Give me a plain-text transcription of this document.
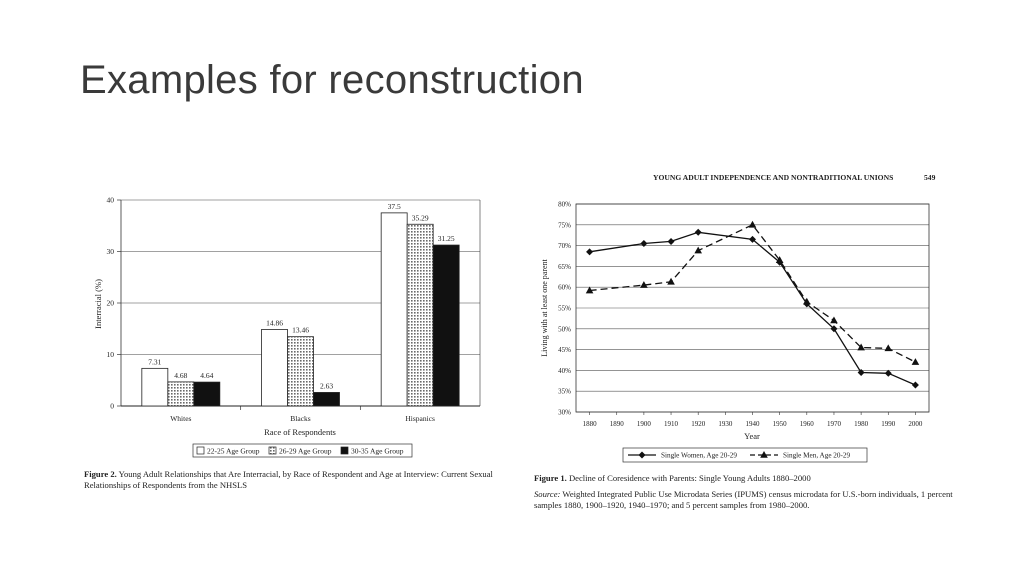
Examples for reconstruction
0
10
20
30
40
7.31
4.68 4.64
Whites
14.86
13.46
2.63
Blacks
37.5
35.29
31.25
Hispanics
Interracial (%)
Race of Respondents
22-25 Age Group	26-29 Age Group	30-35 Age Group
YOUNG ADULT INDEPENDENCE AND NONTRADITIONAL UNIONS	549
30%
35%
40%
45%
50%
55%
60%
65%
70%
75%
80%
1880 1890 1900 1910 1920 1930 1940 1950 1960 1970 1980 1990 2000
Living with at least one parent
Year
Single Women, Age 20-29	Single Men, Age 20-29
Figure 2. Young Adult Relationships that Are Interracial, by Race of Respondent and Age at Interview: Current Sexual Relationships of Respondents from the NHSLS
Figure 1. Decline of Coresidence with Parents: Single Young Adults 1880–2000
Source: Weighted Integrated Public Use Microdata Series (IPUMS) census microdata for U.S.-born individuals, 1 percent samples 1880, 1900–1920, 1940–1970; and 5 percent samples from 1980–2000.
